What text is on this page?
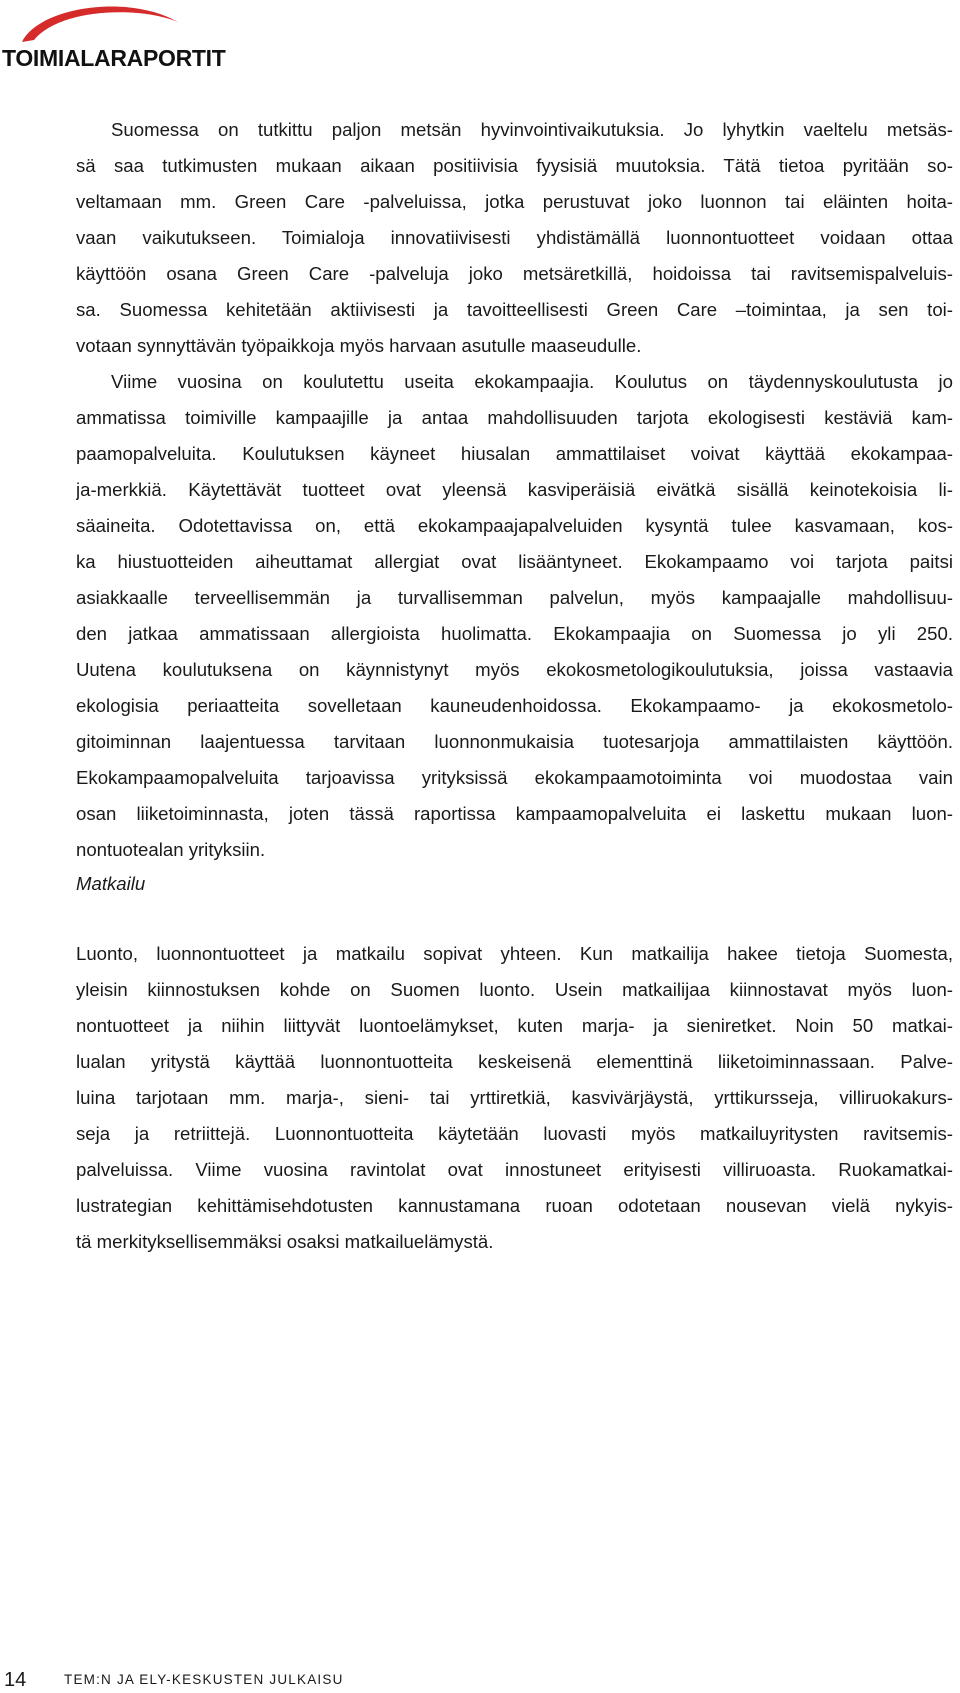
TOIMIALARAPORTIT
Suomessa on tutkittu paljon metsän hyvinvointivaikutuksia. Jo lyhytkin vaeltelu metsäs-
sä saa tutkimusten mukaan aikaan positiivisia fyysisiä muutoksia. Tätä tietoa pyritään so-
veltamaan mm. Green Care -palveluissa, jotka perustuvat joko luonnon tai eläinten hoita-
vaan vaikutukseen. Toimialoja innovatiivisesti yhdistämällä luonnontuotteet voidaan ottaa
käyttöön osana Green Care -palveluja joko metsäretkillä, hoidoissa tai ravitsemispalveluis-
sa. Suomessa kehitetään aktiivisesti ja tavoitteellisesti Green Care –toimintaa, ja sen toi-
votaan synnyttävän työpaikkoja myös harvaan asutulle maaseudulle.
Viime vuosina on koulutettu useita ekokampaajia. Koulutus on täydennyskoulutusta jo
ammatissa toimiville kampaajille ja antaa mahdollisuuden tarjota ekologisesti kestäviä kam-
paamopalveluita. Koulutuksen käyneet hiusalan ammattilaiset voivat käyttää ekokampaa-
ja-merkkiä. Käytettävät tuotteet ovat yleensä kasviperäisiä eivätkä sisällä keinotekoisia li-
säaineita. Odotettavissa on, että ekokampaajapalveluiden kysyntä tulee kasvamaan, kos-
ka hiustuotteiden aiheuttamat allergiat ovat lisääntyneet. Ekokampaamo voi tarjota paitsi
asiakkaalle terveellisemmän ja turvallisemman palvelun, myös kampaajalle mahdollisuu-
den jatkaa ammatissaan allergioista huolimatta. Ekokampaajia on Suomessa jo yli 250.
Uutena koulutuksena on käynnistynyt myös ekokosmetologikoulutuksia, joissa vastaavia
ekologisia periaatteita sovelletaan kauneudenhoidossa. Ekokampaamo- ja ekokosmetolo-
gitoiminnan laajentuessa tarvitaan luonnonmukaisia tuotesarjoja ammattilaisten käyttöön.
Ekokampaamopalveluita tarjoavissa yrityksissä ekokampaamotoiminta voi muodostaa vain
osan liiketoiminnasta, joten tässä raportissa kampaamopalveluita ei laskettu mukaan luon-
nontuotealan yrityksiin.
Matkailu
Luonto, luonnontuotteet ja matkailu sopivat yhteen. Kun matkailija hakee tietoja Suomesta,
yleisin kiinnostuksen kohde on Suomen luonto. Usein matkailijaa kiinnostavat myös luon-
nontuotteet ja niihin liittyvät luontoelämykset, kuten marja- ja sieniretket. Noin 50 matkai-
lualan yritystä käyttää luonnontuotteita keskeisenä elementtinä liiketoiminnassaan. Palve-
luina tarjotaan mm. marja-, sieni- tai yrttiretkiä, kasvivärjäystä, yrttikursseja, villiruokakurs-
seja ja retriittejä. Luonnontuotteita käytetään luovasti myös matkailuyritysten ravitsemis-
palveluissa. Viime vuosina ravintolat ovat innostuneet erityisesti villiruoasta. Ruokamatkai-
lustrategian kehittämisehdotusten kannustamana ruoan odotetaan nousevan vielä nykyis-
tä merkityksellisemmäksi osaksi matkailuelämystä.
14	TEM:N JA ELY-KESKUSTEN JULKAISU
